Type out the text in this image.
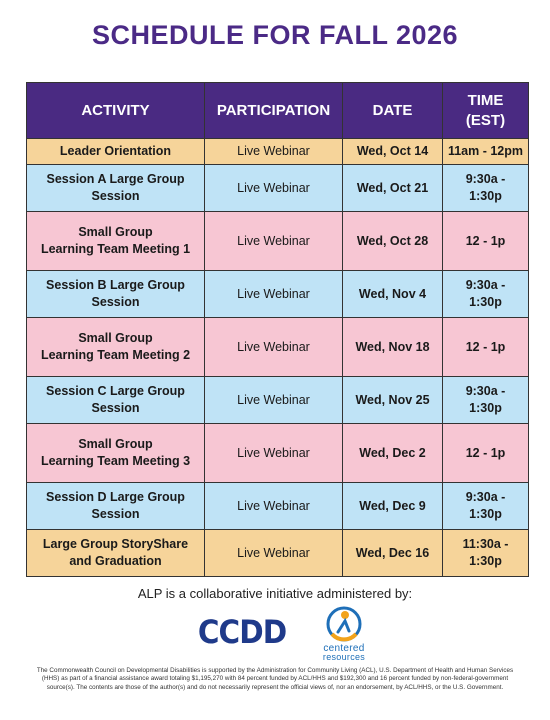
SCHEDULE FOR FALL 2026
ACTIVITY	PARTICIPATION	DATE	TIME
(EST)
Leader Orientation	Live Webinar	Wed, Oct 14	11am - 12pm
Session A Large Group
Session	Live Webinar	Wed, Oct 21	9:30a -
1:30p
Small Group
Learning Team Meeting 1	Live Webinar	Wed, Oct 28	12 - 1p
Session B Large Group
Session	Live Webinar	Wed, Nov 4	9:30a -
1:30p
Small Group
Learning Team Meeting 2	Live Webinar	Wed, Nov 18	12 - 1p
Session C Large Group
Session	Live Webinar	Wed, Nov 25	9:30a -
1:30p
Small Group
Learning Team Meeting 3	Live Webinar	Wed, Dec 2	12 - 1p
Session D Large Group
Session	Live Webinar	Wed, Dec 9	9:30a -
1:30p
Large Group StoryShare
and Graduation	Live Webinar	Wed, Dec 16	11:30a -
1:30p
ALP is a collaborative initiative administered by:
CCDD	centered
resources
The Commonwealth Council on Developmental Disabilities is supported by the Administration for Community Living (ACL), U.S. Department of Health and Human Services (HHS) as part of a financial assistance award totaling $1,195,270 with 84 percent funded by ACL/HHS and $192,300 and 16 percent funded by non-federal-government source(s). The contents are those of the author(s) and do not necessarily represent the official views of, nor an endorsement, by ACL/HHS, or the U.S. Government.
